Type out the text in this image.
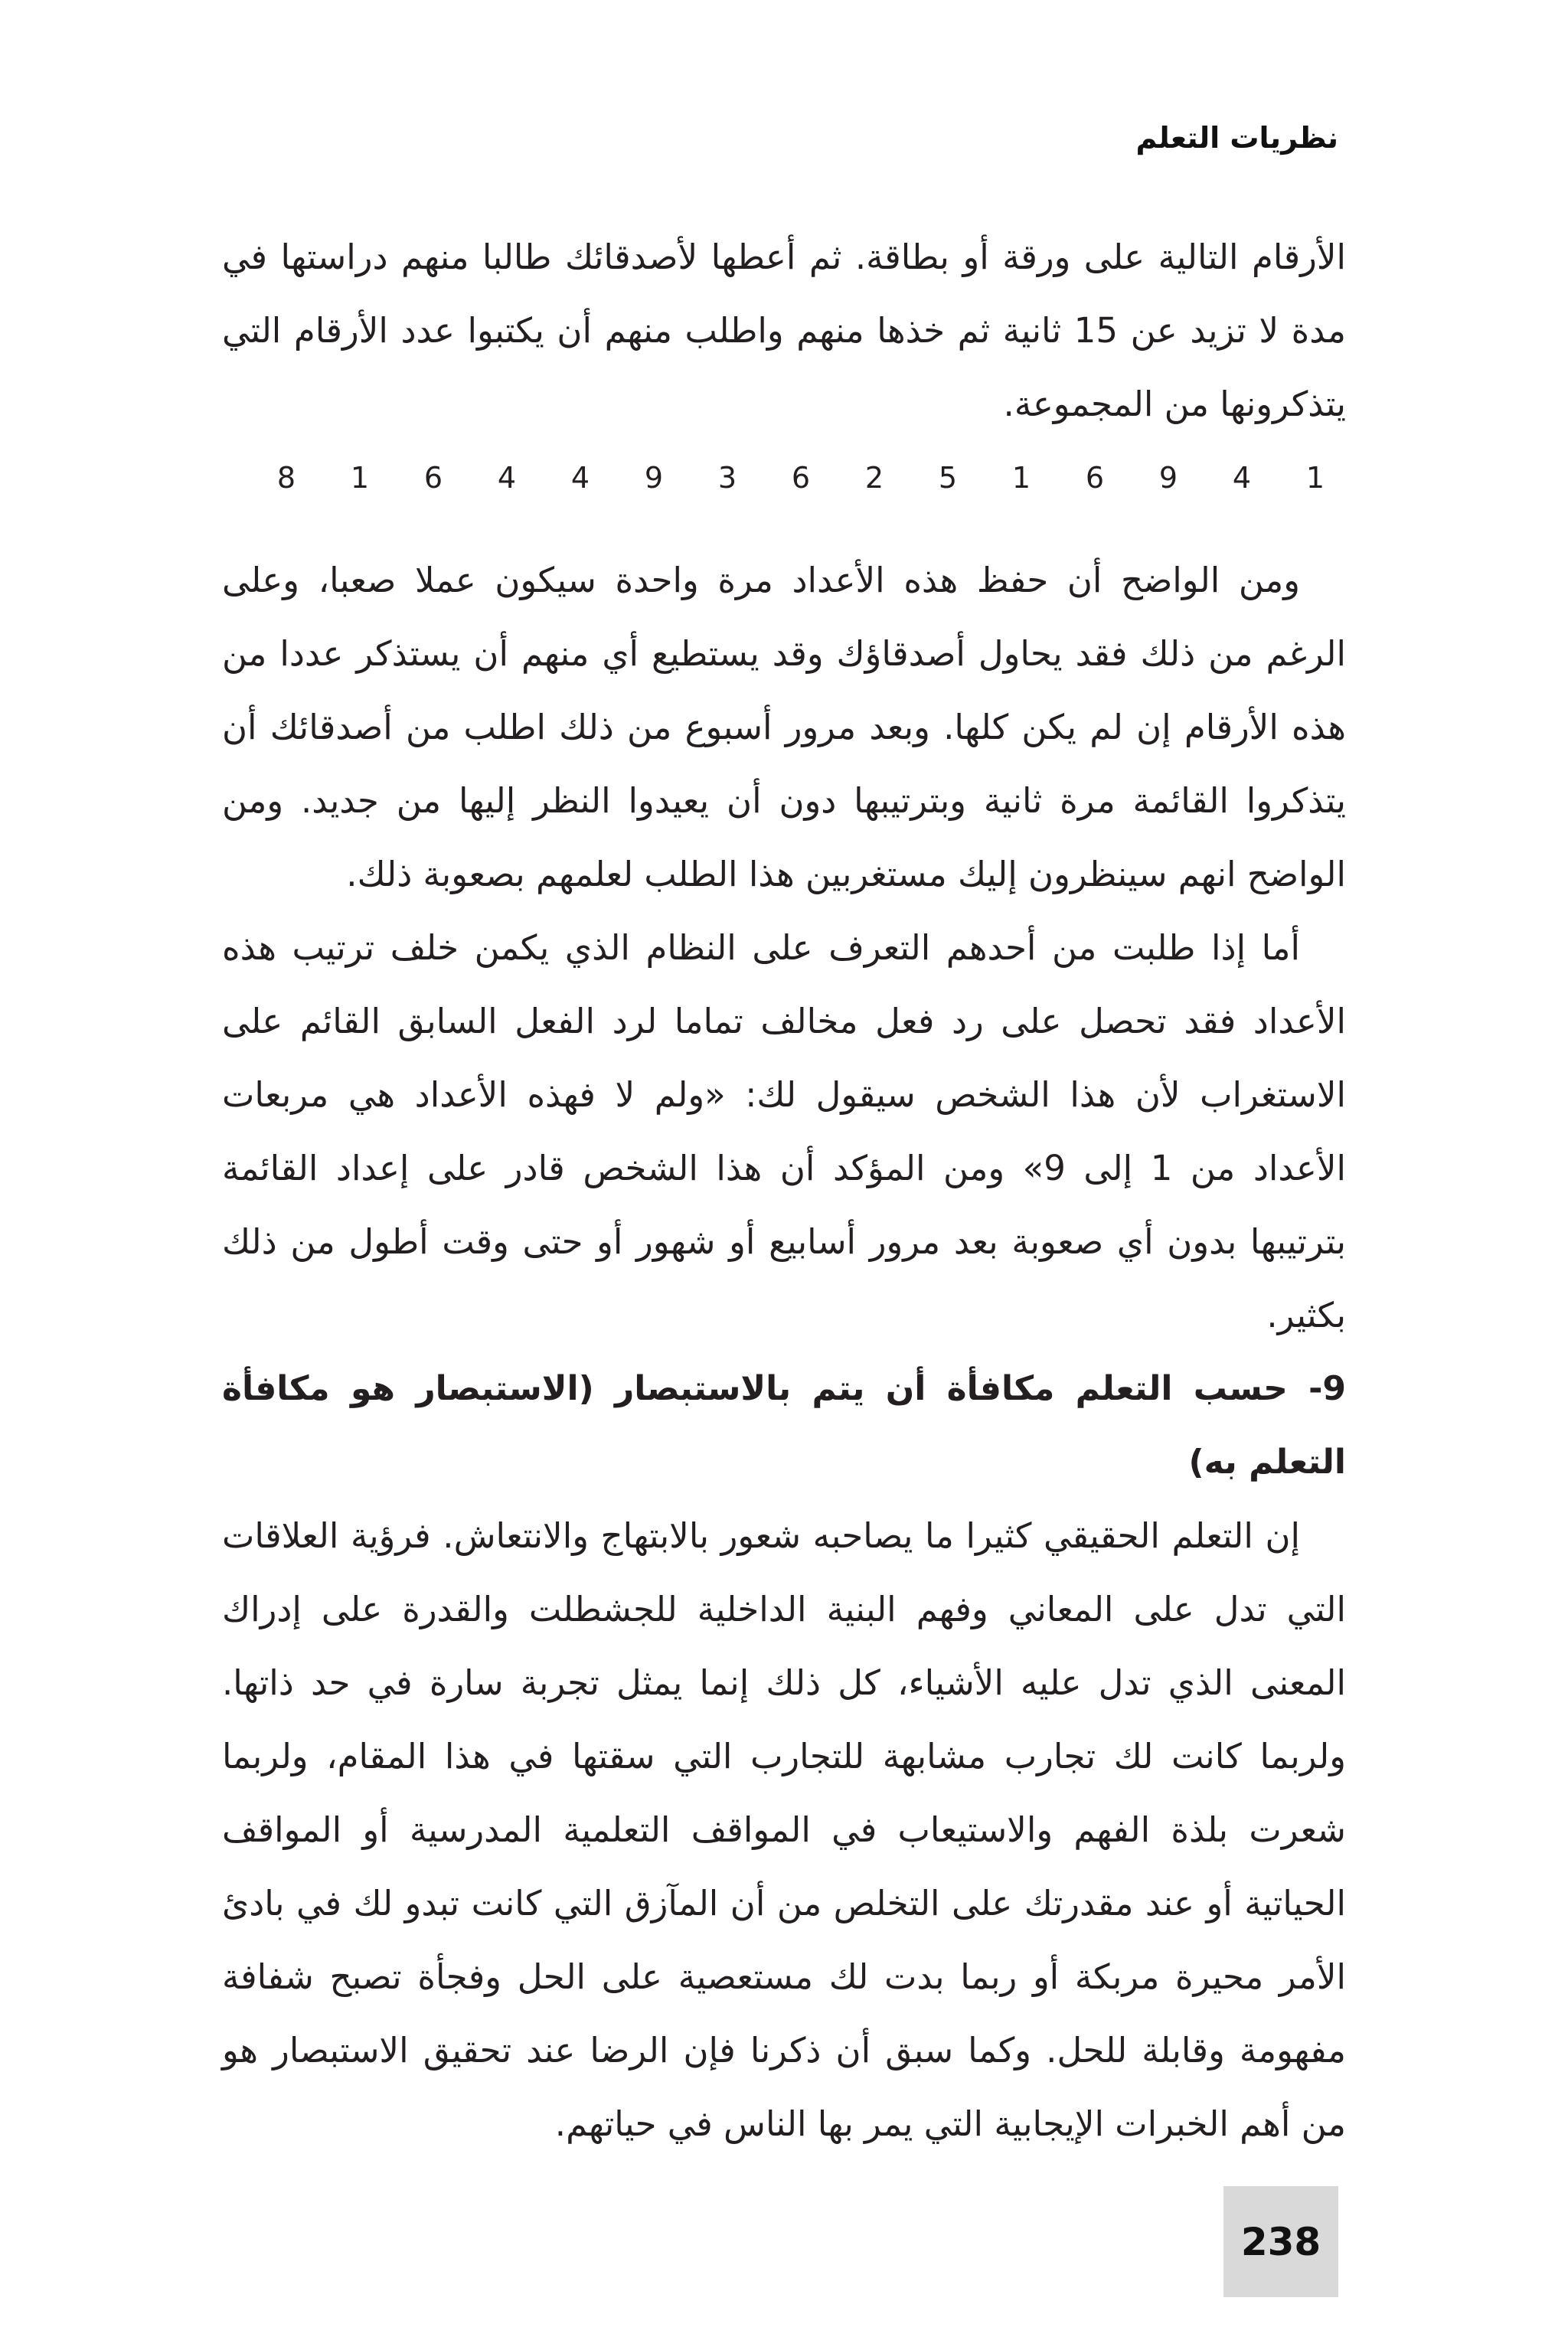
نظريات التعلم

الأرقام التالية على ورقة أو بطاقة. ثم أعطها لأصدقائك طالبا منهم دراستها في مدة لا تزيد عن 15 ثانية ثم خذها منهم واطلب منهم أن يكتبوا عدد الأرقام التي يتذكرونها من المجموعة.

8 1 6 4 4 9 3 6 2 5 1 6 9 4 1

ومن الواضح أن حفظ هذه الأعداد مرة واحدة سيكون عملا صعبا، وعلى الرغم من ذلك فقد يحاول أصدقاؤك وقد يستطيع أي منهم أن يستذكر عددا من هذه الأرقام إن لم يكن كلها. وبعد مرور أسبوع من ذلك اطلب من أصدقائك أن يتذكروا القائمة مرة ثانية وبترتيبها دون أن يعيدوا النظر إليها من جديد. ومن الواضح انهم سينظرون إليك مستغربين هذا الطلب لعلمهم بصعوبة ذلك.

أما إذا طلبت من أحدهم التعرف على النظام الذي يكمن خلف ترتيب هذه الأعداد فقد تحصل على رد فعل مخالف تماما لرد الفعل السابق القائم على الاستغراب لأن هذا الشخص سيقول لك: «ولم لا فهذه الأعداد هي مربعات الأعداد من 1 إلى 9» ومن المؤكد أن هذا الشخص قادر على إعداد القائمة بترتيبها بدون أي صعوبة بعد مرور أسابيع أو شهور أو حتى وقت أطول من ذلك بكثير.

9- حسب التعلم مكافأة أن يتم بالاستبصار (الاستبصار هو مكافأة التعلم به)

إن التعلم الحقيقي كثيرا ما يصاحبه شعور بالابتهاج والانتعاش. فرؤية العلاقات التي تدل على المعاني وفهم البنية الداخلية للجشطلت والقدرة على إدراك المعنى الذي تدل عليه الأشياء، كل ذلك إنما يمثل تجربة سارة في حد ذاتها. ولربما كانت لك تجارب مشابهة للتجارب التي سقتها في هذا المقام، ولربما شعرت بلذة الفهم والاستيعاب في المواقف التعلمية المدرسية أو المواقف الحياتية أو عند مقدرتك على التخلص من أن المآزق التي كانت تبدو لك في بادئ الأمر محيرة مربكة أو ربما بدت لك مستعصية على الحل وفجأة تصبح شفافة مفهومة وقابلة للحل. وكما سبق أن ذكرنا فإن الرضا عند تحقيق الاستبصار هو من أهم الخبرات الإيجابية التي يمر بها الناس في حياتهم.

238
